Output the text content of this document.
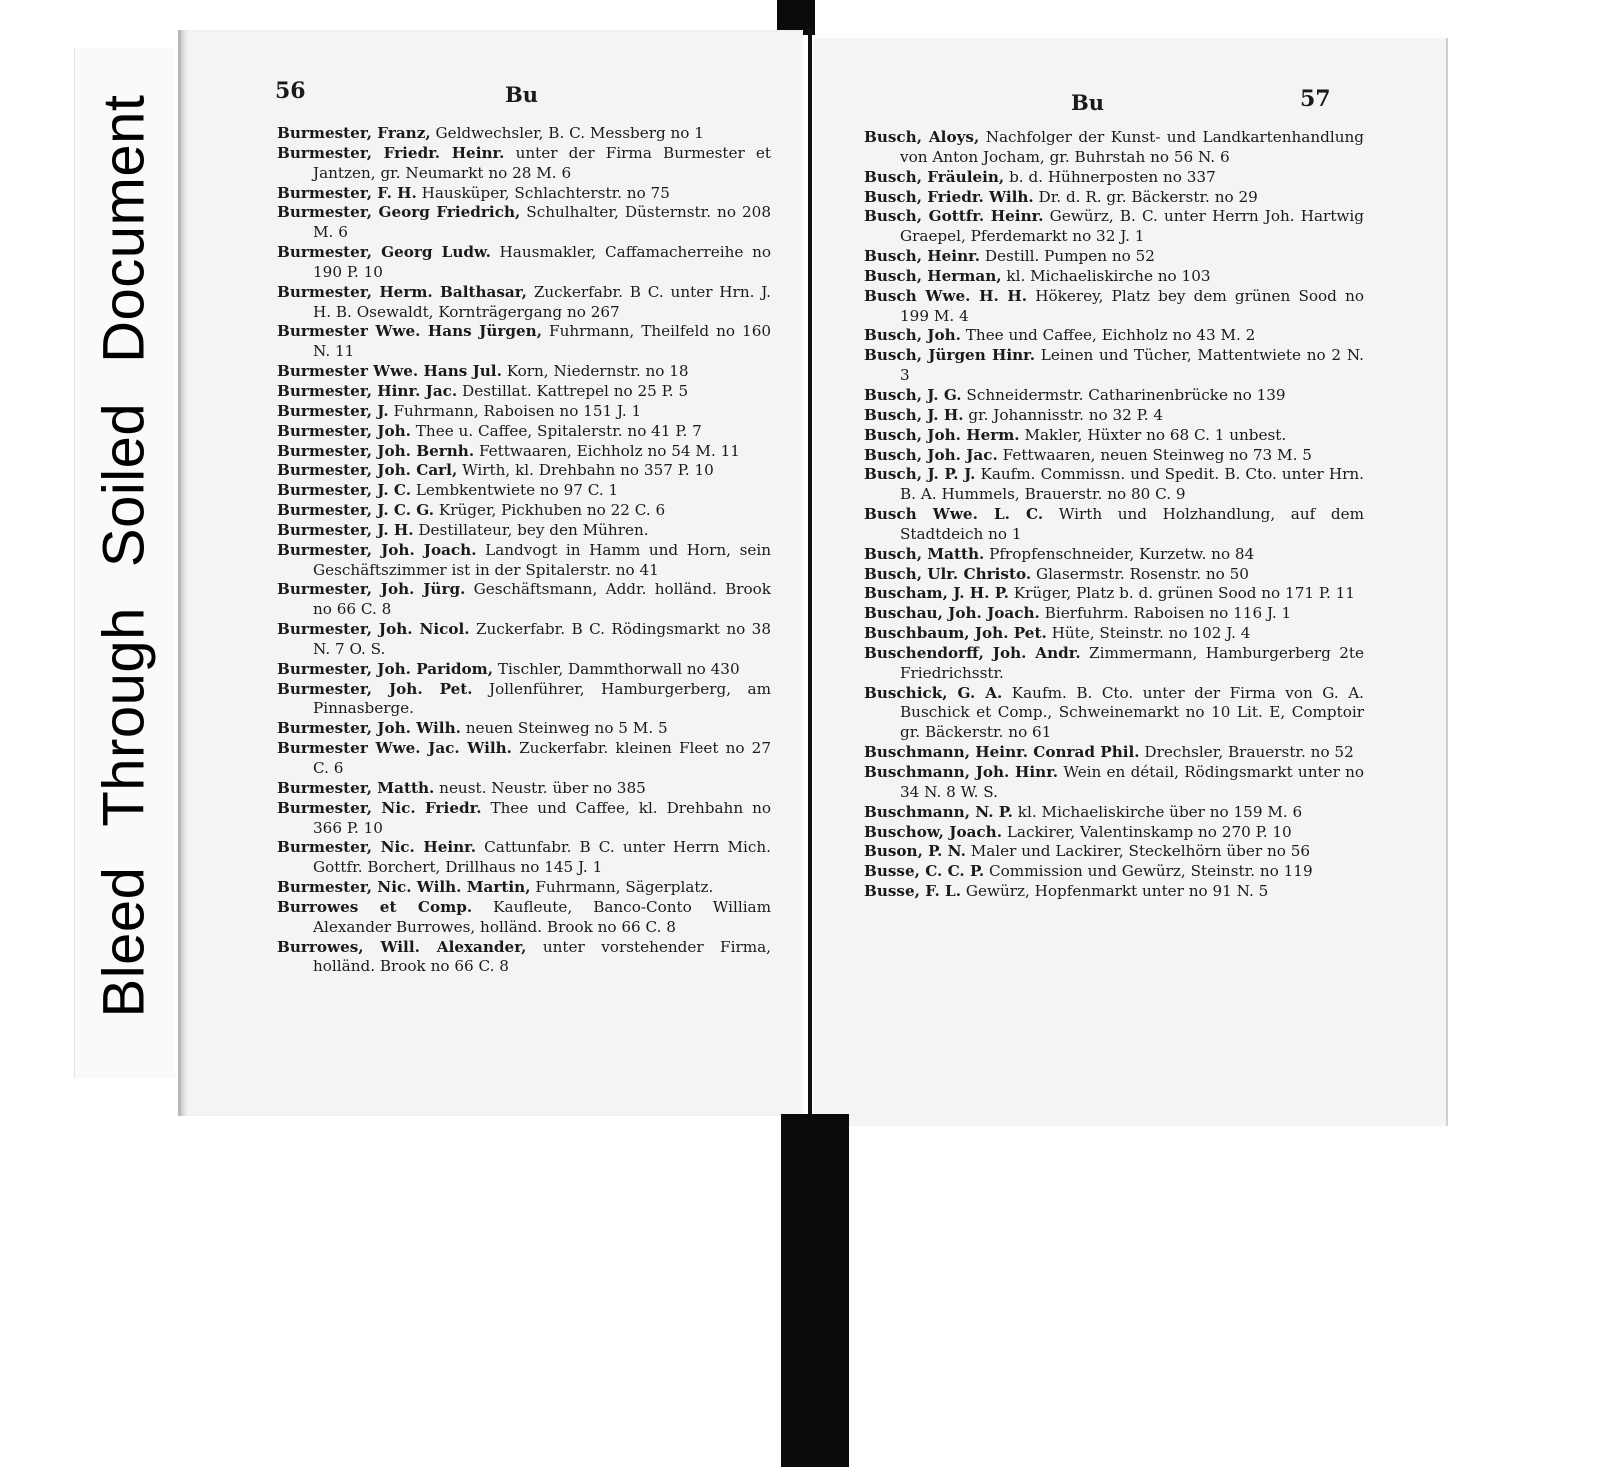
BleedThroughSoiledDocument
56	Bu
Burmester, Franz, Geldwechsler, B. C. Messberg no 1
Burmester, Friedr. Heinr. unter der Firma Burmester et Jantzen, gr. Neumarkt no 28 M. 6
Burmester, F. H. Hausküper, Schlachterstr. no 75
Burmester, Georg Friedrich, Schulhalter, Düsternstr. no 208 M. 6
Burmester, Georg Ludw. Hausmakler, Caffamacherreihe no 190 P. 10
Burmester, Herm. Balthasar, Zuckerfabr. B C. unter Hrn. J. H. B. Osewaldt, Kornträgergang no 267
Burmester Wwe. Hans Jürgen, Fuhrmann, Theilfeld no 160 N. 11
Burmester Wwe. Hans Jul. Korn, Niedernstr. no 18
Burmester, Hinr. Jac. Destillat. Kattrepel no 25 P. 5
Burmester, J. Fuhrmann, Raboisen no 151 J. 1
Burmester, Joh. Thee u. Caffee, Spitalerstr. no 41 P. 7
Burmester, Joh. Bernh. Fettwaaren, Eichholz no 54 M. 11
Burmester, Joh. Carl, Wirth, kl. Drehbahn no 357 P. 10
Burmester, J. C. Lembkentwiete no 97 C. 1
Burmester, J. C. G. Krüger, Pickhuben no 22 C. 6
Burmester, J. H. Destillateur, bey den Mühren.
Burmester, Joh. Joach. Landvogt in Hamm und Horn, sein Geschäftszimmer ist in der Spitalerstr. no 41
Burmester, Joh. Jürg. Geschäftsmann, Addr. holländ. Brook no 66 C. 8
Burmester, Joh. Nicol. Zuckerfabr. B C. Rödingsmarkt no 38 N. 7 O. S.
Burmester, Joh. Paridom, Tischler, Dammthorwall no 430
Burmester, Joh. Pet. Jollenführer, Hamburgerberg, am Pinnasberge.
Burmester, Joh. Wilh. neuen Steinweg no 5 M. 5
Burmester Wwe. Jac. Wilh. Zuckerfabr. kleinen Fleet no 27 C. 6
Burmester, Matth. neust. Neustr. über no 385
Burmester, Nic. Friedr. Thee und Caffee, kl. Drehbahn no 366 P. 10
Burmester, Nic. Heinr. Cattunfabr. B C. unter Herrn Mich. Gottfr. Borchert, Drillhaus no 145 J. 1
Burmester, Nic. Wilh. Martin, Fuhrmann, Sägerplatz.
Burrowes et Comp. Kaufleute, Banco-Conto William Alexander Burrowes, holländ. Brook no 66 C. 8
Burrowes, Will. Alexander, unter vorstehender Firma, holländ. Brook no 66 C. 8
Bu	57
Busch, Aloys, Nachfolger der Kunst- und Landkartenhandlung von Anton Jocham, gr. Buhrstah no 56 N. 6
Busch, Fräulein, b. d. Hühnerposten no 337
Busch, Friedr. Wilh. Dr. d. R. gr. Bäckerstr. no 29
Busch, Gottfr. Heinr. Gewürz, B. C. unter Herrn Joh. Hartwig Graepel, Pferdemarkt no 32 J. 1
Busch, Heinr. Destill. Pumpen no 52
Busch, Herman, kl. Michaeliskirche no 103
Busch Wwe. H. H. Hökerey, Platz bey dem grünen Sood no 199 M. 4
Busch, Joh. Thee und Caffee, Eichholz no 43 M. 2
Busch, Jürgen Hinr. Leinen und Tücher, Mattentwiete no 2 N. 3
Busch, J. G. Schneidermstr. Catharinenbrücke no 139
Busch, J. H. gr. Johannisstr. no 32 P. 4
Busch, Joh. Herm. Makler, Hüxter no 68 C. 1 unbest.
Busch, Joh. Jac. Fettwaaren, neuen Steinweg no 73 M. 5
Busch, J. P. J. Kaufm. Commissn. und Spedit. B. Cto. unter Hrn. B. A. Hummels, Brauerstr. no 80 C. 9
Busch Wwe. L. C. Wirth und Holzhandlung, auf dem Stadtdeich no 1
Busch, Matth. Pfropfenschneider, Kurzetw. no 84
Busch, Ulr. Christo. Glasermstr. Rosenstr. no 50
Buscham, J. H. P. Krüger, Platz b. d. grünen Sood no 171 P. 11
Buschau, Joh. Joach. Bierfuhrm. Raboisen no 116 J. 1
Buschbaum, Joh. Pet. Hüte, Steinstr. no 102 J. 4
Buschendorff, Joh. Andr. Zimmermann, Hamburgerberg 2te Friedrichsstr.
Buschick, G. A. Kaufm. B. Cto. unter der Firma von G. A. Buschick et Comp., Schweinemarkt no 10 Lit. E, Comptoir gr. Bäckerstr. no 61
Buschmann, Heinr. Conrad Phil. Drechsler, Brauerstr. no 52
Buschmann, Joh. Hinr. Wein en détail, Rödingsmarkt unter no 34 N. 8 W. S.
Buschmann, N. P. kl. Michaeliskirche über no 159 M. 6
Buschow, Joach. Lackirer, Valentinskamp no 270 P. 10
Buson, P. N. Maler und Lackirer, Steckelhörn über no 56
Busse, C. C. P. Commission und Gewürz, Steinstr. no 119
Busse, F. L. Gewürz, Hopfenmarkt unter no 91 N. 5
